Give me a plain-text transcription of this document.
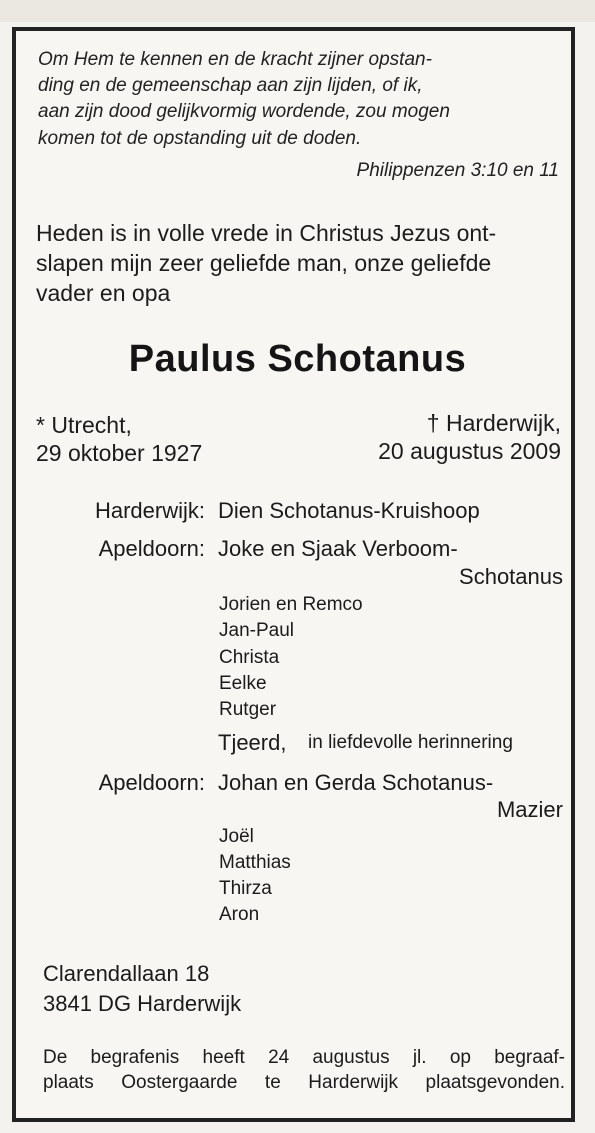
Om Hem te kennen en de kracht zijner opstan-
ding en de gemeenschap aan zijn lijden, of ik,
aan zijn dood gelijkvormig wordende, zou mogen
komen tot de opstanding uit de doden.
Philippenzen 3:10 en 11
Heden is in volle vrede in Christus Jezus ont-
slapen mijn zeer geliefde man, onze geliefde
vader en opa
Paulus Schotanus
* Utrecht,
29 oktober 1927
† Harderwijk,
20 augustus 2009
Harderwijk: Dien Schotanus-Kruishoop
Apeldoorn: Joke en Sjaak Verboom-
Schotanus
Jorien en Remco
Jan-Paul
Christa
Eelke
Rutger
Tjeerd, in liefdevolle herinnering
Apeldoorn: Johan en Gerda Schotanus-
Mazier
Joël
Matthias
Thirza
Aron
Clarendallaan 18
3841 DG Harderwijk
De begrafenis heeft 24 augustus jl. op begraaf-
plaats Oostergaarde te Harderwijk plaatsgevonden.
